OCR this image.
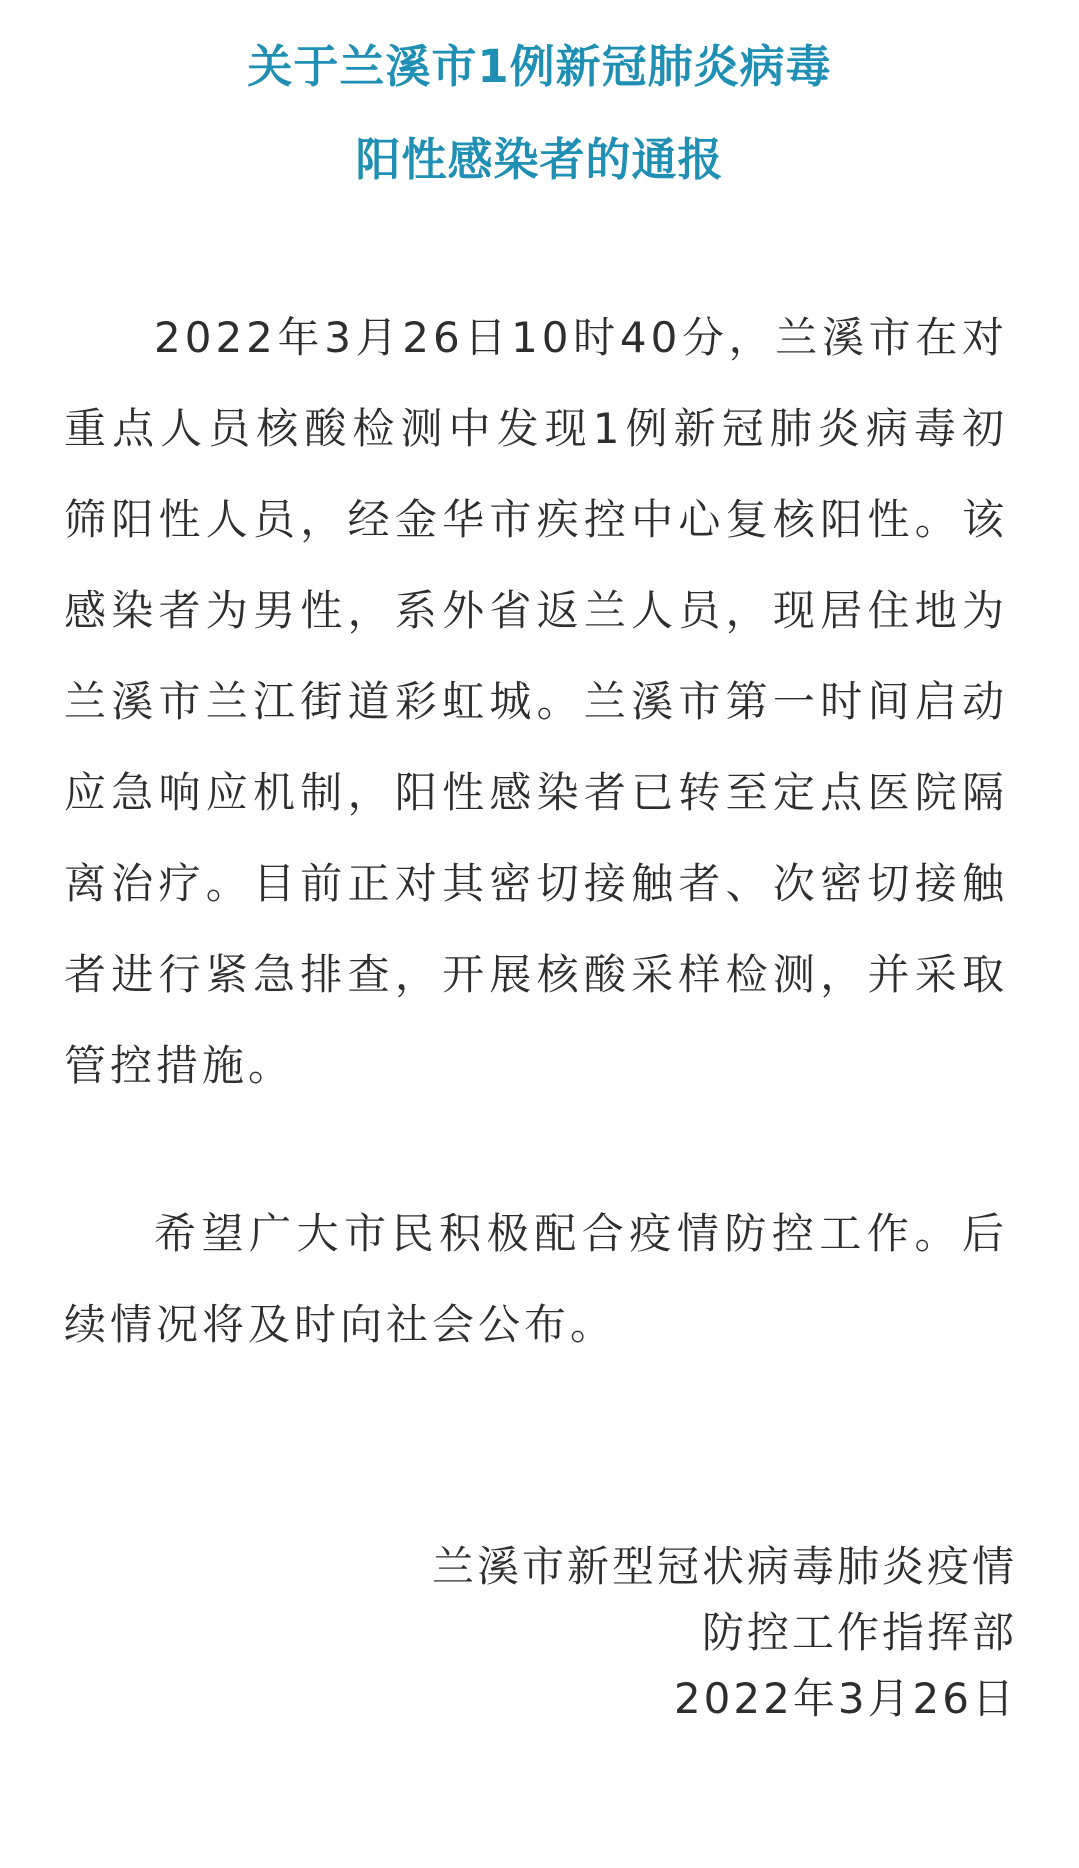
关于兰溪市1例新冠肺炎病毒
阳性感染者的通报

2022年3月26日10时40分，兰溪市在对重点人员核酸检测中发现1例新冠肺炎病毒初筛阳性人员，经金华市疾控中心复核阳性。该感染者为男性，系外省返兰人员，现居住地为兰溪市兰江街道彩虹城。兰溪市第一时间启动应急响应机制，阳性感染者已转至定点医院隔离治疗。目前正对其密切接触者、次密切接触者进行紧急排查，开展核酸采样检测，并采取管控措施。

希望广大市民积极配合疫情防控工作。后续情况将及时向社会公布。

兰溪市新型冠状病毒肺炎疫情
防控工作指挥部
2022年3月26日
